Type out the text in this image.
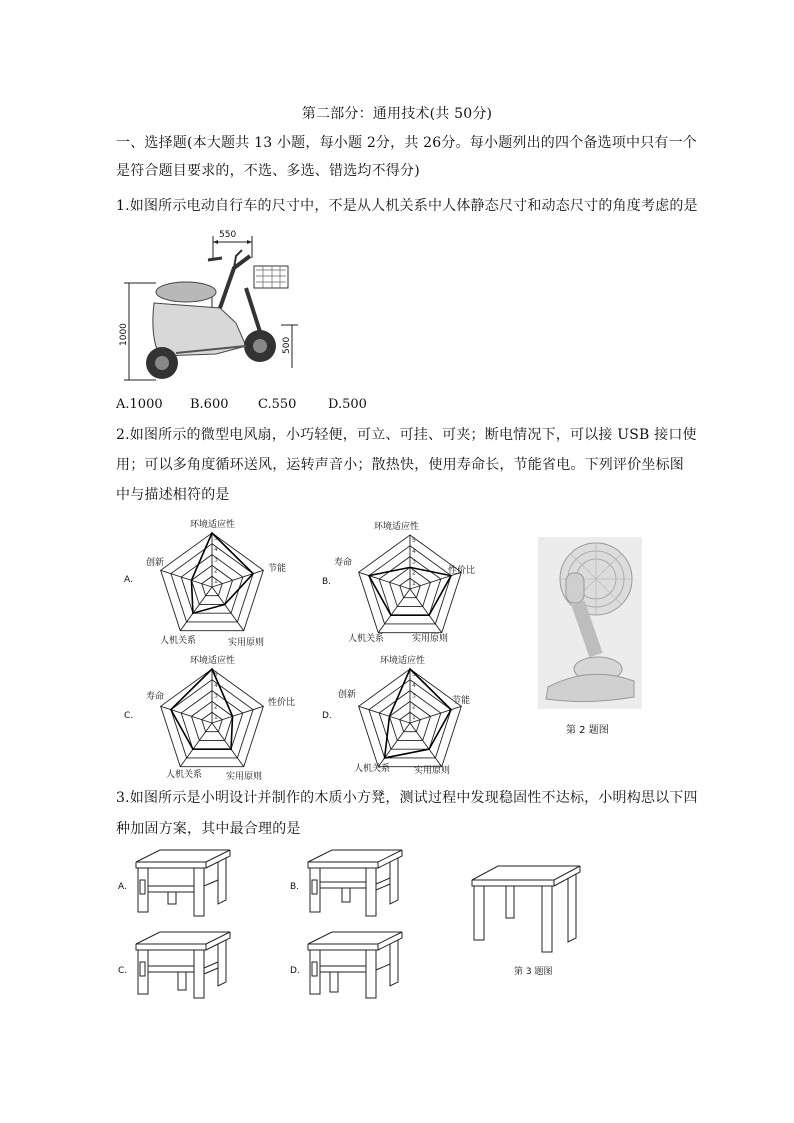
第二部分：通用技术(共 50分)
一、选择题(本大题共 13 小题，每小题 2分，共 26分。每小题列出的四个备选项中只有一个
是符合题目要求的，不选、多选、错选均不得分)
1.如图所示电动自行车的尺寸中，不是从人机关系中人体静态尺寸和动态尺寸的角度考虑的是
550
1000	500
A.1000 B.600 C.550 D.500
2.如图所示的微型电风扇，小巧轻便，可立、可挂、可夹；断电情况下，可以接 USB 接口使
用；可以多角度循环送风，运转声音小；散热快，使用寿命长，节能省电。下列评价坐标图
中与描述相符的是
1
2
3
4
5
A.
环境适应性
节能
实用原则
人机关系
创新
1
2
3
4
5
B.
环境适应性
性价比
实用原则
人机关系
寿命
1
2
3
4
5
C.
环境适应性
性价比
实用原则
人机关系
寿命
1
2
3
4
5
D.
环境适应性
节能
实用原则
人机关系
创新
第 2 题图
3.如图所示是小明设计并制作的木质小方凳，测试过程中发现稳固性不达标，小明构思以下四
种加固方案，其中最合理的是
A.	B.
C.	D.	第 3 题图
